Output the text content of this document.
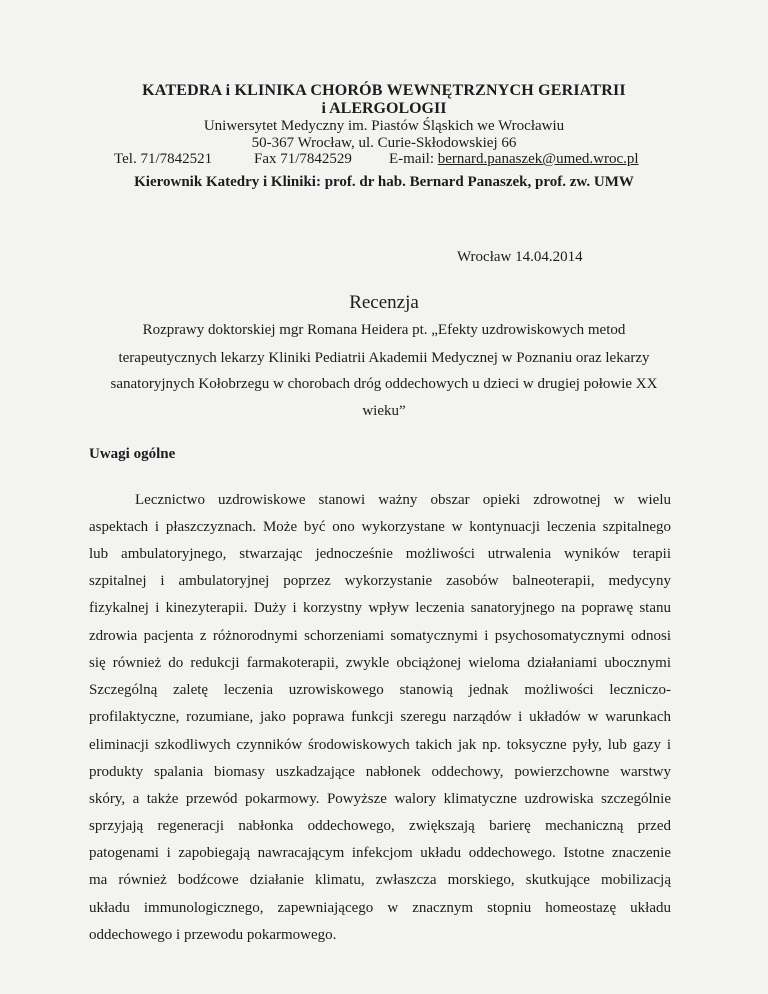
KATEDRA i KLINIKA CHORÓB WEWNĘTRZNYCH GERIATRII
i ALERGOLOGII
Uniwersytet Medyczny im. Piastów Śląskich we Wrocławiu
50-367 Wrocław, ul. Curie-Skłodowskiej 66
Tel. 71/7842521	Fax 71/7842529 E-mail: bernard.panaszek@umed.wroc.pl
Kierownik Katedry i Kliniki: prof. dr hab. Bernard Panaszek, prof. zw. UMW
Wrocław 14.04.2014
Recenzja
Rozprawy doktorskiej mgr Romana Heidera pt. „Efekty uzdrowiskowych metod
terapeutycznych lekarzy Kliniki Pediatrii Akademii Medycznej w Poznaniu oraz lekarzy
sanatoryjnych Kołobrzegu w chorobach dróg oddechowych u dzieci w drugiej połowie XX
wieku”
Uwagi ogólne
Lecznictwo uzdrowiskowe stanowi ważny obszar opieki zdrowotnej w wielu
aspektach i płaszczyznach. Może być ono wykorzystane w kontynuacji leczenia szpitalnego
lub ambulatoryjnego, stwarzając jednocześnie możliwości utrwalenia wyników terapii
szpitalnej i ambulatoryjnej poprzez wykorzystanie zasobów balneoterapii, medycyny
fizykalnej i kinezyterapii. Duży i korzystny wpływ leczenia sanatoryjnego na poprawę stanu
zdrowia pacjenta z różnorodnymi schorzeniami somatycznymi i psychosomatycznymi odnosi
się również do redukcji farmakoterapii, zwykle obciążonej wieloma działaniami ubocznymi
Szczególną zaletę leczenia uzrowiskowego stanowią jednak możliwości leczniczo-
profilaktyczne, rozumiane, jako poprawa funkcji szeregu narządów i układów w warunkach
eliminacji szkodliwych czynników środowiskowych takich jak np. toksyczne pyły, lub gazy i
produkty spalania biomasy uszkadzające nabłonek oddechowy, powierzchowne warstwy
skóry, a także przewód pokarmowy. Powyższe walory klimatyczne uzdrowiska szczególnie
sprzyjają regeneracji nabłonka oddechowego, zwiększają barierę mechaniczną przed
patogenami i zapobiegają nawracającym infekcjom układu oddechowego. Istotne znaczenie
ma również bodźcowe działanie klimatu, zwłaszcza morskiego, skutkujące mobilizacją
układu immunologicznego, zapewniającego w znacznym stopniu homeostazę układu
oddechowego i przewodu pokarmowego.
